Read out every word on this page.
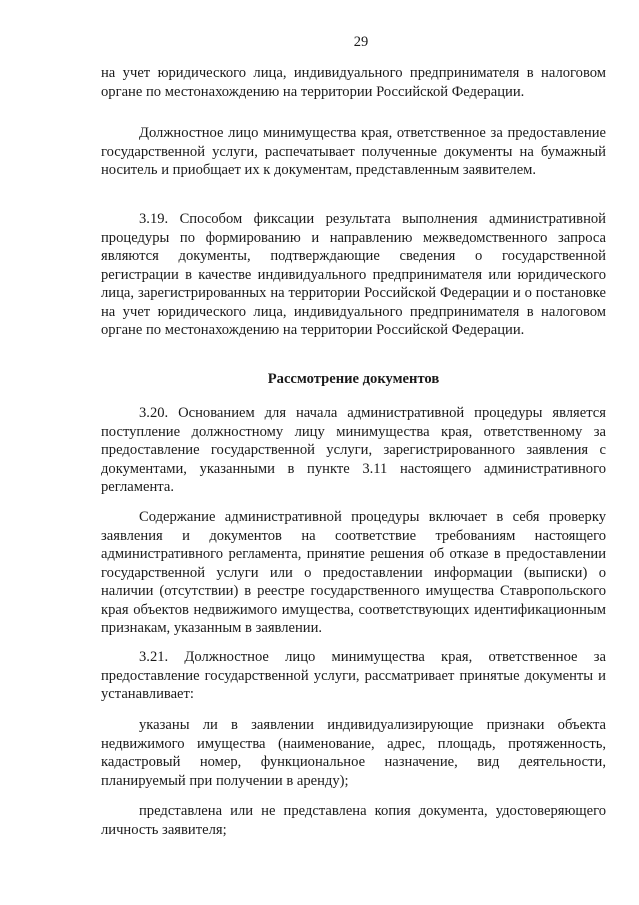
29

на учет юридического лица, индивидуального предпринимателя в налоговом органе по местонахождению на территории Российской Федерации.

Должностное лицо минимущества края, ответственное за предоставление государственной услуги, распечатывает полученные документы на бумажный носитель и приобщает их к документам, представленным заявителем.

3.19. Способом фиксации результата выполнения административной процедуры по формированию и направлению межведомственного запроса являются документы, подтверждающие сведения о государственной регистрации в качестве индивидуального предпринимателя или юридического лица, зарегистрированных на территории Российской Федерации и о постановке на учет юридического лица, индивидуального предпринимателя в налоговом органе по местонахождению на территории Российской Федерации.

Рассмотрение документов

3.20. Основанием для начала административной процедуры является поступление должностному лицу минимущества края, ответственному за предоставление государственной услуги, зарегистрированного заявления с документами, указанными в пункте 3.11 настоящего административного регламента.

Содержание административной процедуры включает в себя проверку заявления и документов на соответствие требованиям настоящего административного регламента, принятие решения об отказе в предоставлении государственной услуги или о предоставлении информации (выписки) о наличии (отсутствии) в реестре государственного имущества Ставропольского края объектов недвижимого имущества, соответствующих идентификационным признакам, указанным в заявлении.

3.21. Должностное лицо минимущества края, ответственное за предоставление государственной услуги, рассматривает принятые документы и устанавливает:

указаны ли в заявлении индивидуализирующие признаки объекта недвижимого имущества (наименование, адрес, площадь, протяженность, кадастровый номер, функциональное назначение, вид деятельности, планируемый при получении в аренду);

представлена или не представлена копия документа, удостоверяющего личность заявителя;
